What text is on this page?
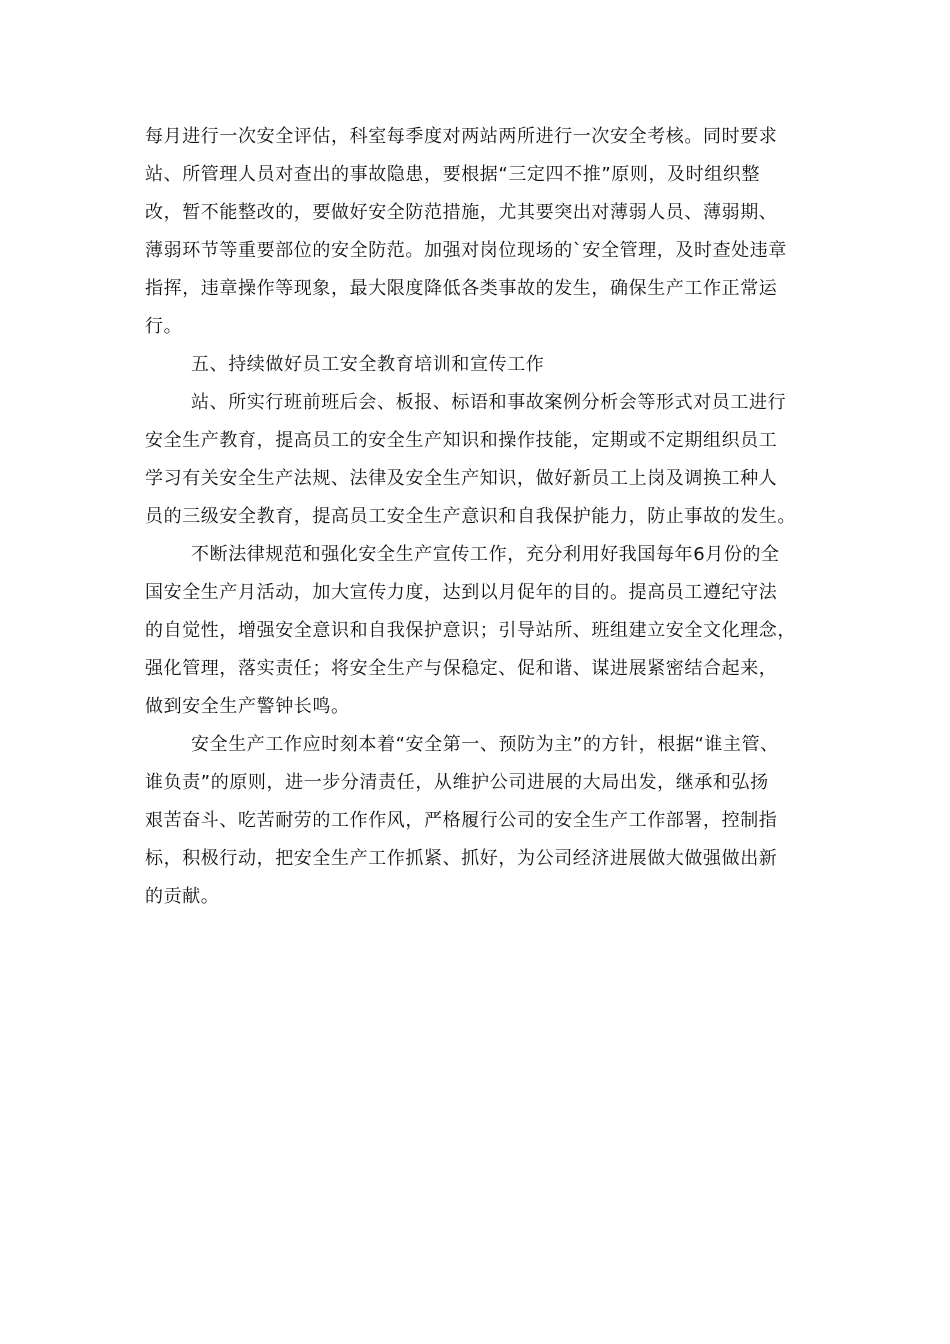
每月进行一次安全评估，科室每季度对两站两所进行一次安全考核。同时要求
站、所管理人员对查出的事故隐患，要根据“三定四不推”原则，及时组织整
改，暂不能整改的，要做好安全防范措施，尤其要突出对薄弱人员、薄弱期、
薄弱环节等重要部位的安全防范。加强对岗位现场的`安全管理，及时查处违章
指挥，违章操作等现象，最大限度降低各类事故的发生，确保生产工作正常运
行。
五、持续做好员工安全教育培训和宣传工作
站、所实行班前班后会、板报、标语和事故案例分析会等形式对员工进行
安全生产教育，提高员工的安全生产知识和操作技能，定期或不定期组织员工
学习有关安全生产法规、法律及安全生产知识，做好新员工上岗及调换工种人
员的三级安全教育，提高员工安全生产意识和自我保护能力，防止事故的发生。
不断法律规范和强化安全生产宣传工作，充分利用好我国每年6月份的全
国安全生产月活动，加大宣传力度，达到以月促年的目的。提高员工遵纪守法
的自觉性，增强安全意识和自我保护意识；引导站所、班组建立安全文化理念，
强化管理，落实责任；将安全生产与保稳定、促和谐、谋进展紧密结合起来，
做到安全生产警钟长鸣。
安全生产工作应时刻本着“安全第一、预防为主”的方针，根据“谁主管、
谁负责”的原则，进一步分清责任，从维护公司进展的大局出发，继承和弘扬
艰苦奋斗、吃苦耐劳的工作作风，严格履行公司的安全生产工作部署，控制指
标，积极行动，把安全生产工作抓紧、抓好，为公司经济进展做大做强做出新
的贡献。
